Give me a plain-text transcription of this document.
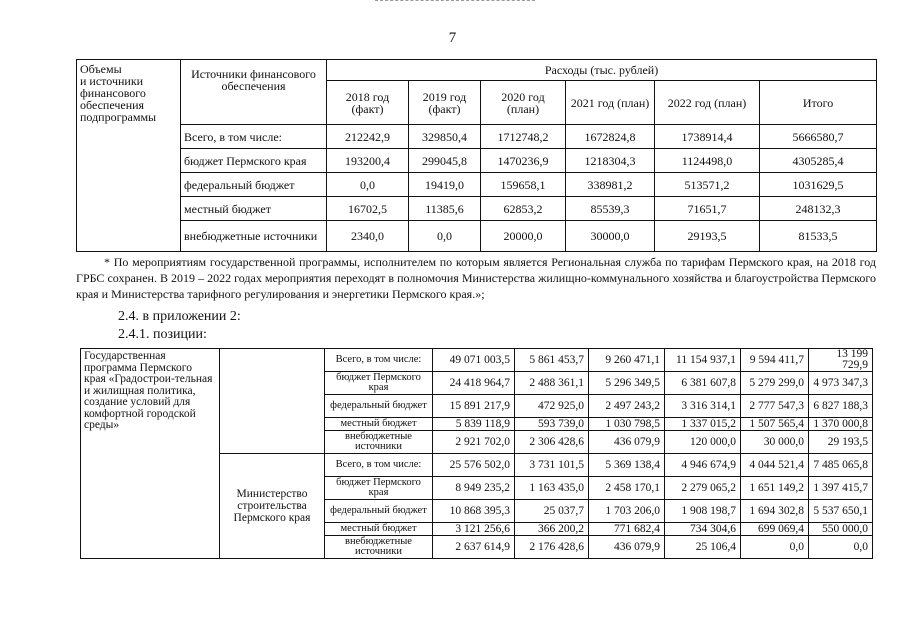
7
Объемы
и источники
финансового
обеспечения
подпрограммы	Источники финансового обеспечения	Расходы (тыс. рублей)					
		2018 год (факт)	2019 год (факт)	2020 год (план)	2021 год (план)	2022 год (план)	Итого
	Всего, в том числе:	212242,9	329850,4	1712748,2	1672824,8	1738914,4	5666580,7
	бюджет Пермского края	193200,4	299045,8	1470236,9	1218304,3	1124498,0	4305285,4
	федеральный бюджет	0,0	19419,0	159658,1	338981,2	513571,2	1031629,5
	местный бюджет	16702,5	11385,6	62853,2	85539,3	71651,7	248132,3
	внебюджетные источники	2340,0	0,0	20000,0	30000,0	29193,5	81533,5
* По мероприятиям государственной программы, исполнителем по которым является Региональная служба по тарифам Пермского края, на 2018 год ГРБС сохранен. В 2019 – 2022 годах мероприятия переходят в полномочия Министерства жилищно-коммунального хозяйства и благоустройства Пермского края и Министерства тарифного регулирования и энергетики Пермского края.»;
2.4. в приложении 2:
2.4.1. позиции:
Государственная программа Пермского края «Градострои-тельная и жилищная политика, создание условий для комфортной городской среды»		Всего, в том числе:	49 071 003,5	5 861 453,7	9 260 471,1	11 154 937,1	9 594 411,7	13 199 729,9
		бюджет Пермского края	24 418 964,7	2 488 361,1	5 296 349,5	6 381 607,8	5 279 299,0	4 973 347,3
		федеральный бюджет	15 891 217,9	472 925,0	2 497 243,2	3 316 314,1	2 777 547,3	6 827 188,3
		местный бюджет	5 839 118,9	593 739,0	1 030 798,5	1 337 015,2	1 507 565,4	1 370 000,8
		внебюджетные источники	2 921 702,0	2 306 428,6	436 079,9	120 000,0	30 000,0	29 193,5
	Министерство строительства Пермского края	Всего, в том числе:	25 576 502,0	3 731 101,5	5 369 138,4	4 946 674,9	4 044 521,4	7 485 065,8
		бюджет Пермского края	8 949 235,2	1 163 435,0	2 458 170,1	2 279 065,2	1 651 149,2	1 397 415,7
		федеральный бюджет	10 868 395,3	25 037,7	1 703 206,0	1 908 198,7	1 694 302,8	5 537 650,1
		местный бюджет	3 121 256,6	366 200,2	771 682,4	734 304,6	699 069,4	550 000,0
		внебюджетные источники	2 637 614,9	2 176 428,6	436 079,9	25 106,4	0,0	0,0
